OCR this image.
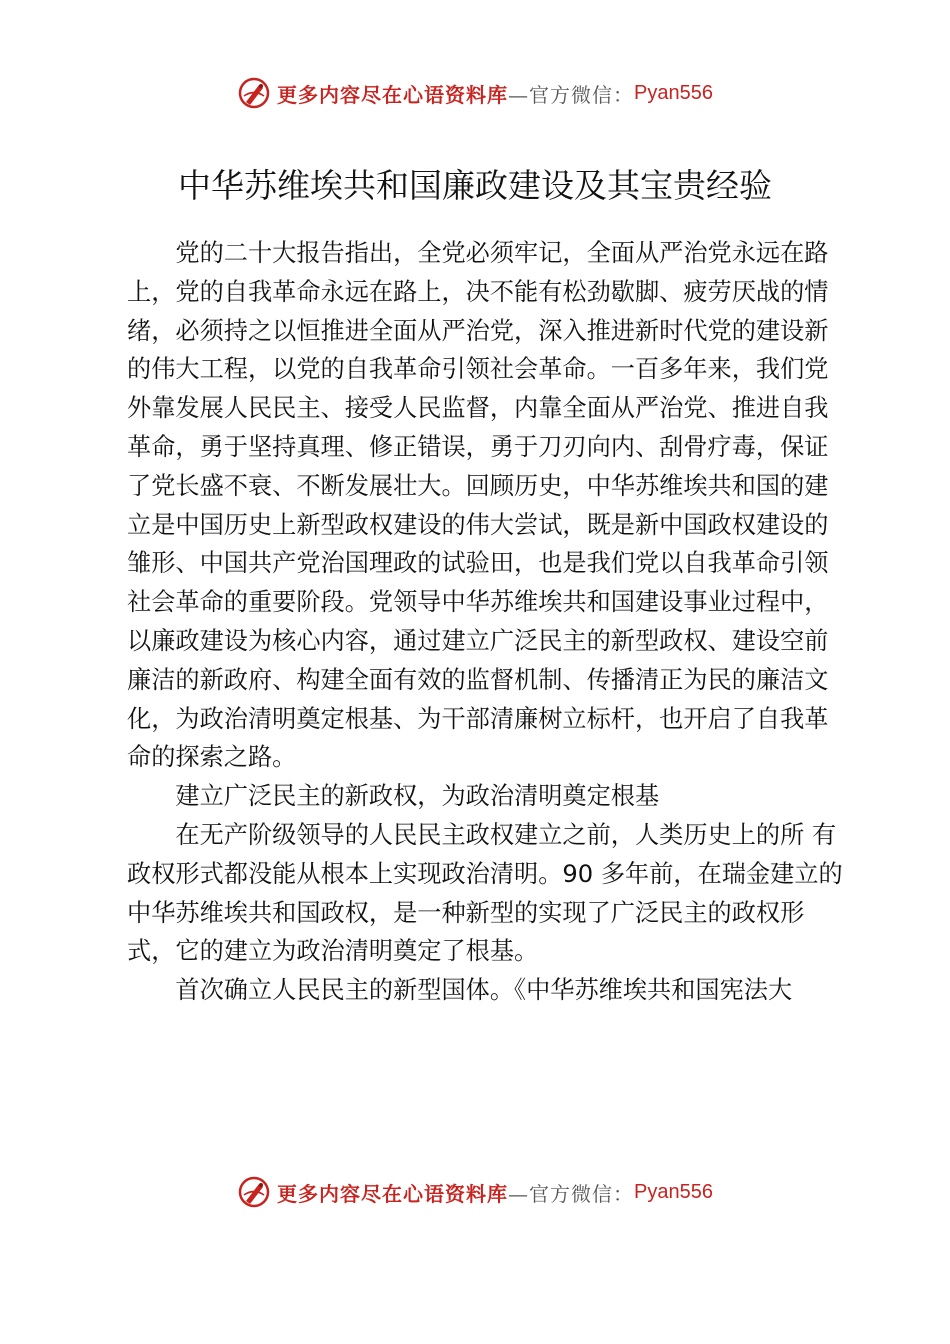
更多内容尽在心语资料库 —官方微信： Pyan556
中华苏维埃共和国廉政建设及其宝贵经验

党的二十大报告指出，全党必须牢记，全面从严治党永远在路上，党的自我革命永远在路上，决不能有松劲歇脚、疲劳厌战的情绪，必须持之以恒推进全面从严治党，深入推进新时代党的建设新的伟大工程，以党的自我革命引领社会革命。一百多年来，我们党外靠发展人民民主、接受人民监督，内靠全面从严治党、推进自我革命，勇于坚持真理、修正错误，勇于刀刃向内、刮骨疗毒，保证了党长盛不衰、不断发展壮大。回顾历史，中华苏维埃共和国的建立是中国历史上新型政权建设的伟大尝试，既是新中国政权建设的雏形、中国共产党治国理政的试验田，也是我们党以自我革命引领社会革命的重要阶段。党领导中华苏维埃共和国建设事业过程中，以廉政建设为核心内容，通过建立广泛民主的新型政权、建设空前廉洁的新政府、构建全面有效的监督机制、传播清正为民的廉洁文化，为政治清明奠定根基、为干部清廉树立标杆，也开启了自我革命的探索之路。

建立广泛民主的新政权，为政治清明奠定根基

在无产阶级领导的人民民主政权建立之前，人类历史上的所 有政权形式都没能从根本上实现政治清明。90 多年前，在瑞金建立的中华苏维埃共和国政权，是一种新型的实现了广泛民主的政权形式，它的建立为政治清明奠定了根基。

首次确立人民民主的新型国体。《中华苏维埃共和国宪法大

更多内容尽在心语资料库 —官方微信： Pyan556
